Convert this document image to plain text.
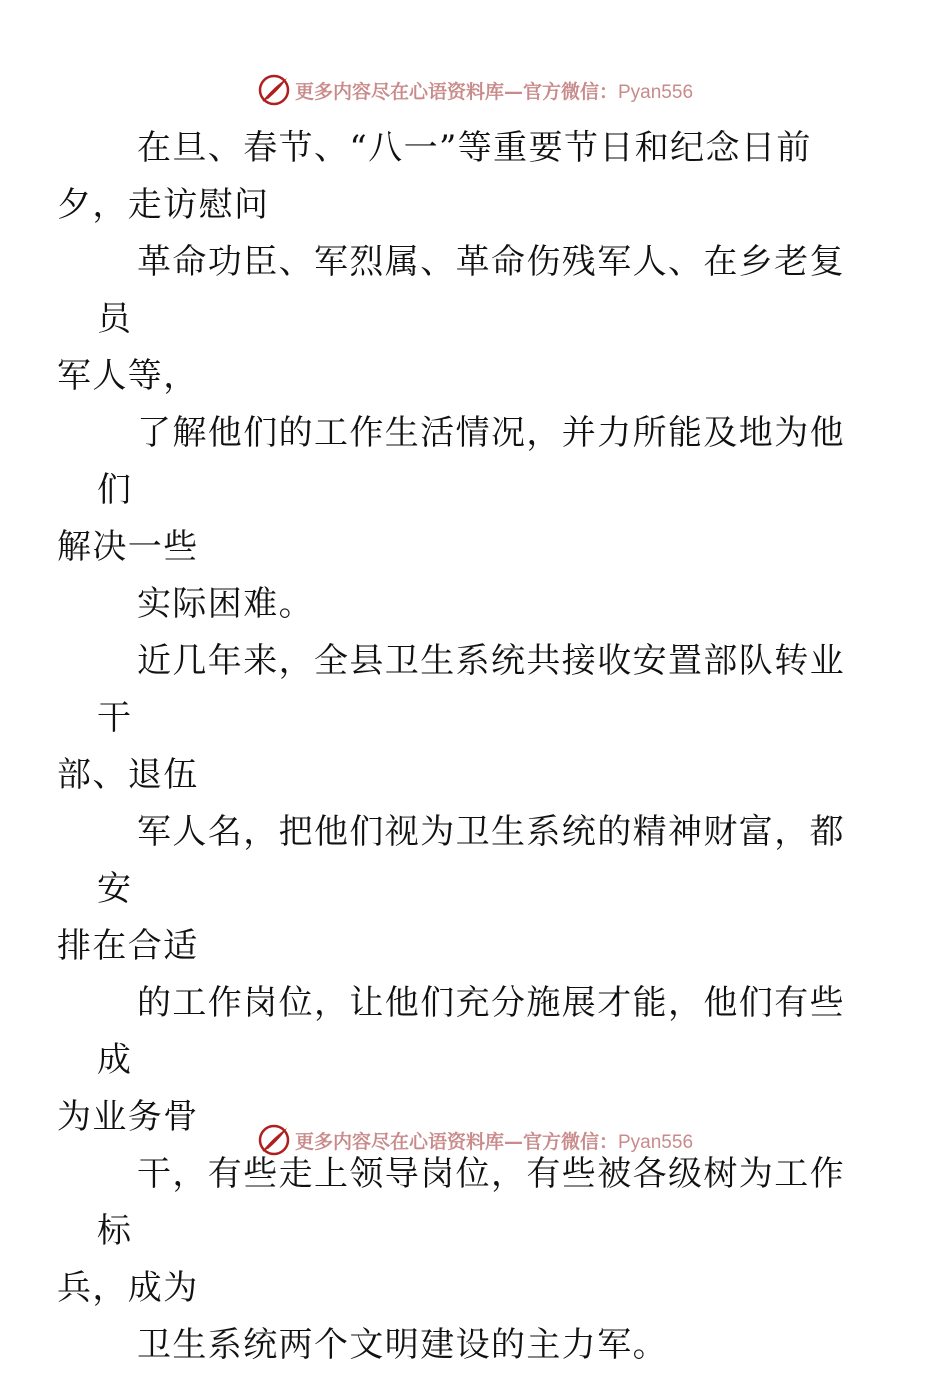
更多内容尽在心语资料库—官方微信：Pyan556

在旦、春节、“八一”等重要节日和纪念日前
夕，走访慰问

革命功臣、军烈属、革命伤残军人、在乡老复员
军人等，

了解他们的工作生活情况，并力所能及地为他们
解决一些

实际困难。

近几年来，全县卫生系统共接收安置部队转业干
部、退伍

军人名，把他们视为卫生系统的精神财富，都安
排在合适

的工作岗位，让他们充分施展才能，他们有些成
为业务骨

干，有些走上领导岗位，有些被各级树为工作标
兵，成为

卫生系统两个文明建设的主力军。

更多内容尽在心语资料库—官方微信：Pyan556
